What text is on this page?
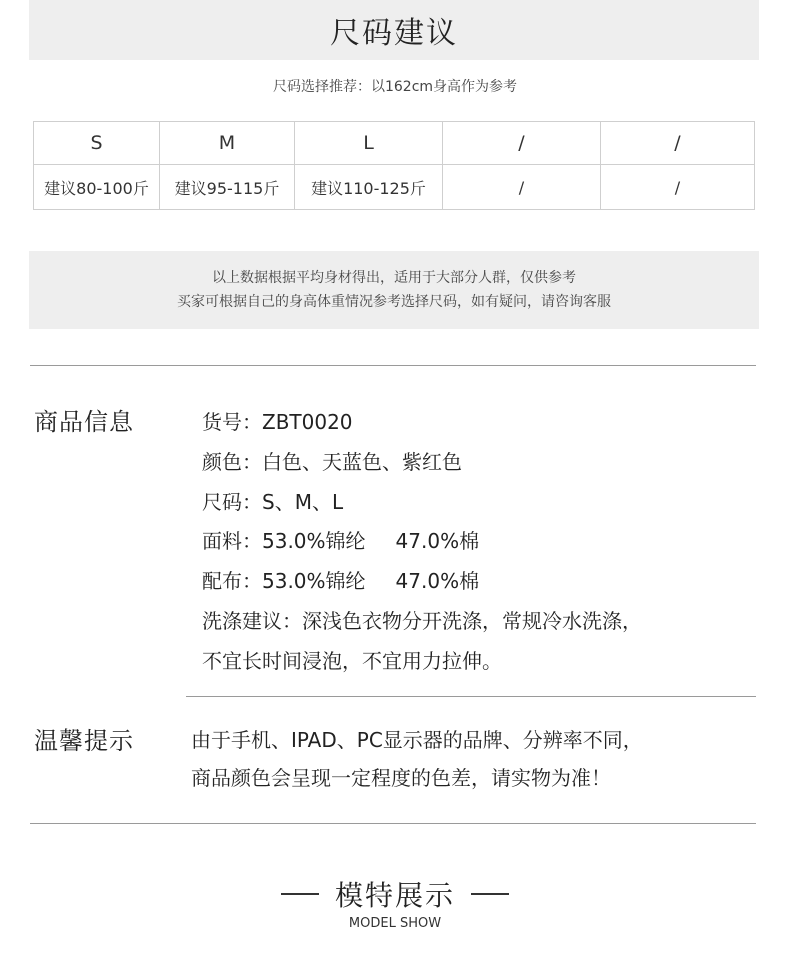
尺码建议
尺码选择推荐：以162cm身高作为参考
S	M	L	/	/
建议80-100斤	建议95-115斤	建议110-125斤	/	/
以上数据根据平均身材得出，适用于大部分人群，仅供参考
买家可根据自己的身高体重情况参考选择尺码，如有疑问，请咨询客服
商品信息	货号：ZBT0020
颜色：白色、天蓝色、紫红色
尺码：S、M、L
面料：53.0%锦纶 47.0%棉
配布：53.0%锦纶 47.0%棉
洗涤建议：深浅色衣物分开洗涤，常规冷水洗涤，
不宜长时间浸泡，不宜用力拉伸。
温馨提示	由于手机、IPAD、PC显示器的品牌、分辨率不同，
商品颜色会呈现一定程度的色差，请实物为准！
模特展示
MODEL SHOW
